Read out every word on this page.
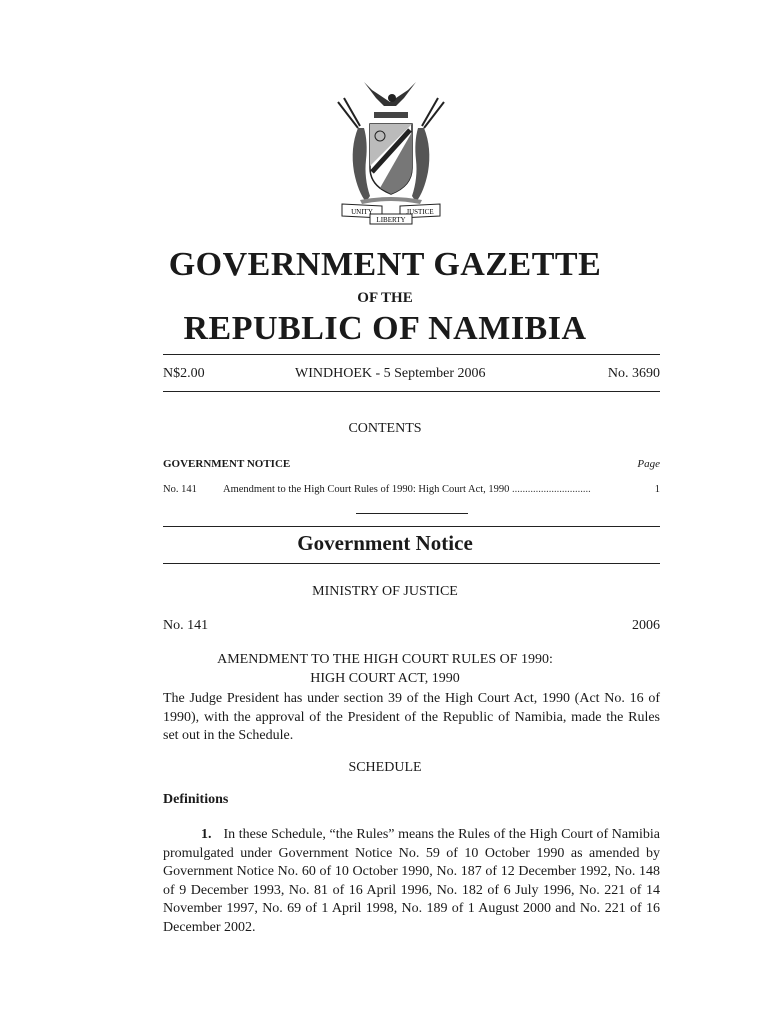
UNITY
LIBERTY
JUSTICE
GOVERNMENT GAZETTE
OF THE
REPUBLIC OF NAMIBIA
N$2.00	WINDHOEK - 5 September 2006	No. 3690
CONTENTS
GOVERNMENT NOTICE	Page
No. 141	Amendment to the High Court Rules of 1990: High Court Act, 1990 ..............................	1
Government Notice
MINISTRY OF JUSTICE
No. 141	2006
AMENDMENT TO THE HIGH COURT RULES OF 1990:
HIGH COURT ACT, 1990
The Judge President has under section 39 of the High Court Act, 1990 (Act No. 16 of 1990), with the approval of the President of the Republic of Namibia, made the Rules set out in the Schedule.
SCHEDULE
Definitions
1. In these Schedule, “the Rules” means the Rules of the High Court of Namibia promulgated under Government Notice No. 59 of 10 October 1990 as amended by Government Notice No. 60 of 10 October 1990, No. 187 of 12 December 1992, No. 148 of 9 December 1993, No. 81 of 16 April 1996, No. 182 of 6 July 1996, No. 221 of 14 November 1997, No. 69 of 1 April 1998, No. 189 of 1 August 2000 and No. 221 of 16 December 2002.
